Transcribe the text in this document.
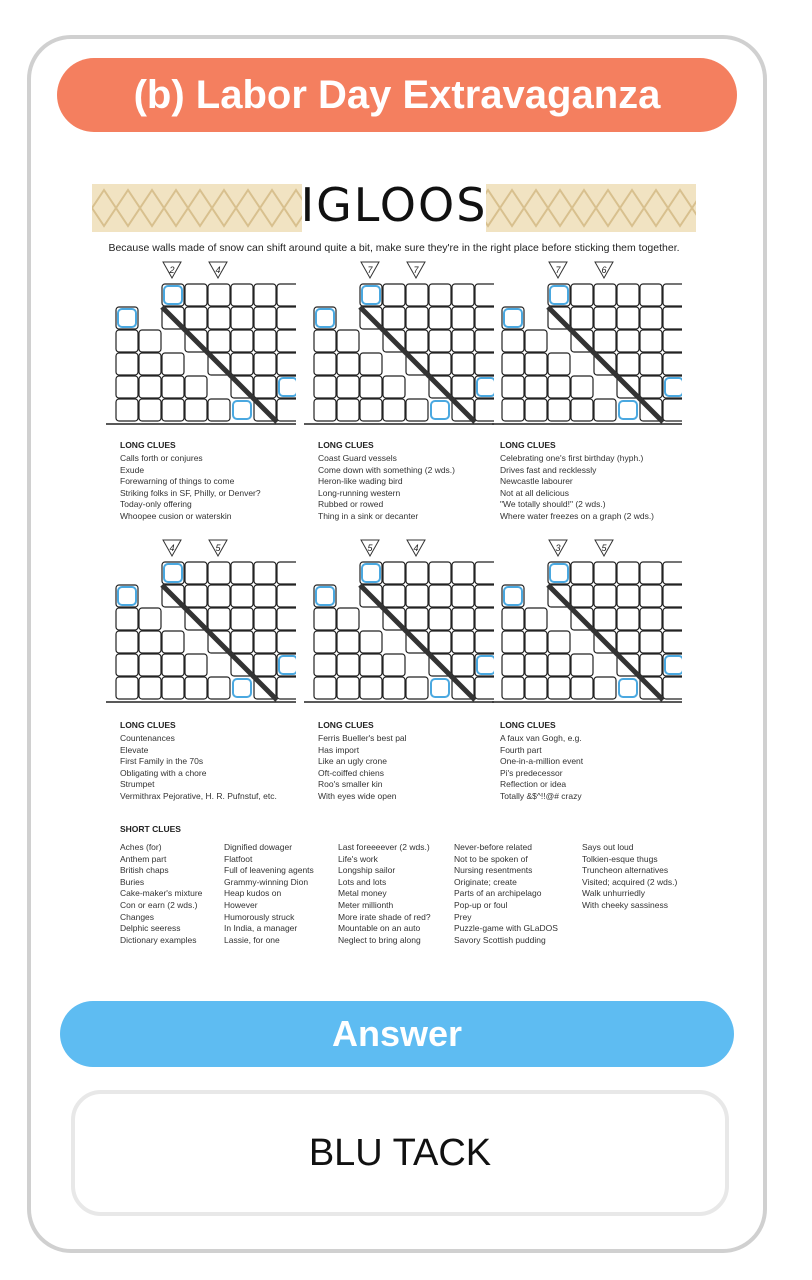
(b) Labor Day Extravaganza
IGLOOS
Because walls made of snow can shift around quite a bit, make sure they're in the right place before sticking them together.
2	4
LONG CLUES
Calls forth or conjures
Exude
Forewarning of things to come
Striking folks in SF, Philly, or Denver?
Today-only offering
Whoopee cusion or waterskin
7	7
LONG CLUES
Coast Guard vessels
Come down with something (2 wds.)
Heron-like wading bird
Long-running western
Rubbed or rowed
Thing in a sink or decanter
7	6
LONG CLUES
Celebrating one's first birthday (hyph.)
Drives fast and recklessly
Newcastle labourer
Not at all delicious
"We totally should!" (2 wds.)
Where water freezes on a graph (2 wds.)
4	5
LONG CLUES
Countenances
Elevate
First Family in the 70s
Obligating with a chore
Strumpet
Vermithrax Pejorative, H. R. Pufnstuf, etc.
5	4
LONG CLUES
Ferris Bueller's best pal
Has import
Like an ugly crone
Oft-coiffed chiens
Roo's smaller kin
With eyes wide open
3	5
LONG CLUES
A faux van Gogh, e.g.
Fourth part
One-in-a-million event
Pi's predecessor
Reflection or idea
Totally &$^!!@# crazy
SHORT CLUES
Aches (for)
Anthem part
British chaps
Buries
Cake-maker's mixture
Con or earn (2 wds.)
Changes
Delphic seeress
Dictionary examples
Dignified dowager
Flatfoot
Full of leavening agents
Grammy-winning Dion
Heap kudos on
However
Humorously struck
In India, a manager
Lassie, for one
Last foreeeever (2 wds.)
Life's work
Longship sailor
Lots and lots
Metal money
Meter millionth
More irate shade of red?
Mountable on an auto
Neglect to bring along
Never-before related
Not to be spoken of
Nursing resentments
Originate; create
Parts of an archipelago
Pop-up or foul
Prey
Puzzle-game with GLaDOS
Savory Scottish pudding
Says out loud
Tolkien-esque thugs
Truncheon alternatives
Visited; acquired (2 wds.)
Walk unhurriedly
With cheeky sassiness
Answer
BLU TACK
